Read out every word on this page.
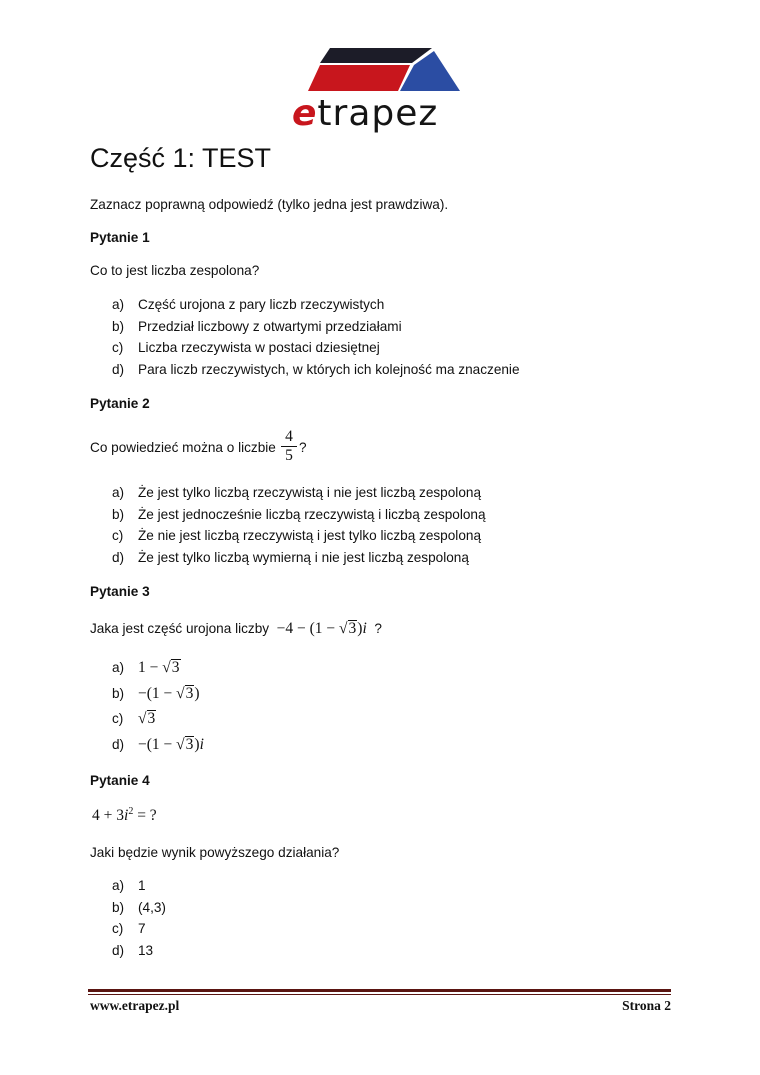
etrapez
Część 1: TEST
Zaznacz poprawną odpowiedź (tylko jedna jest prawdziwa).
Pytanie 1
Co to jest liczba zespolona?
a) Część urojona z pary liczb rzeczywistych
b) Przedział liczbowy z otwartymi przedziałami
c) Liczba rzeczywista w postaci dziesiętnej
d) Para liczb rzeczywistych, w których ich kolejność ma znaczenie
Pytanie 2
Co powiedzieć można o liczbie $\frac{4}{5}$ ?
a) Że jest tylko liczbą rzeczywistą i nie jest liczbą zespoloną
b) Że jest jednocześnie liczbą rzeczywistą i liczbą zespoloną
c) Że nie jest liczbą rzeczywistą i jest tylko liczbą zespoloną
d) Że jest tylko liczbą wymierną i nie jest liczbą zespoloną
Pytanie 3
Jaka jest część urojona liczby −4 − (1 − √3)i ?
a) 1 − √3
b) −(1 − √3)
c) √3
d) −(1 − √3)i
Pytanie 4
$4 + 3i^2$ = ?
Jaki będzie wynik powyższego działania?
a) 1
b) (4,3)
c) 7
d) 13
www.etrapez.pl	Strona 2
